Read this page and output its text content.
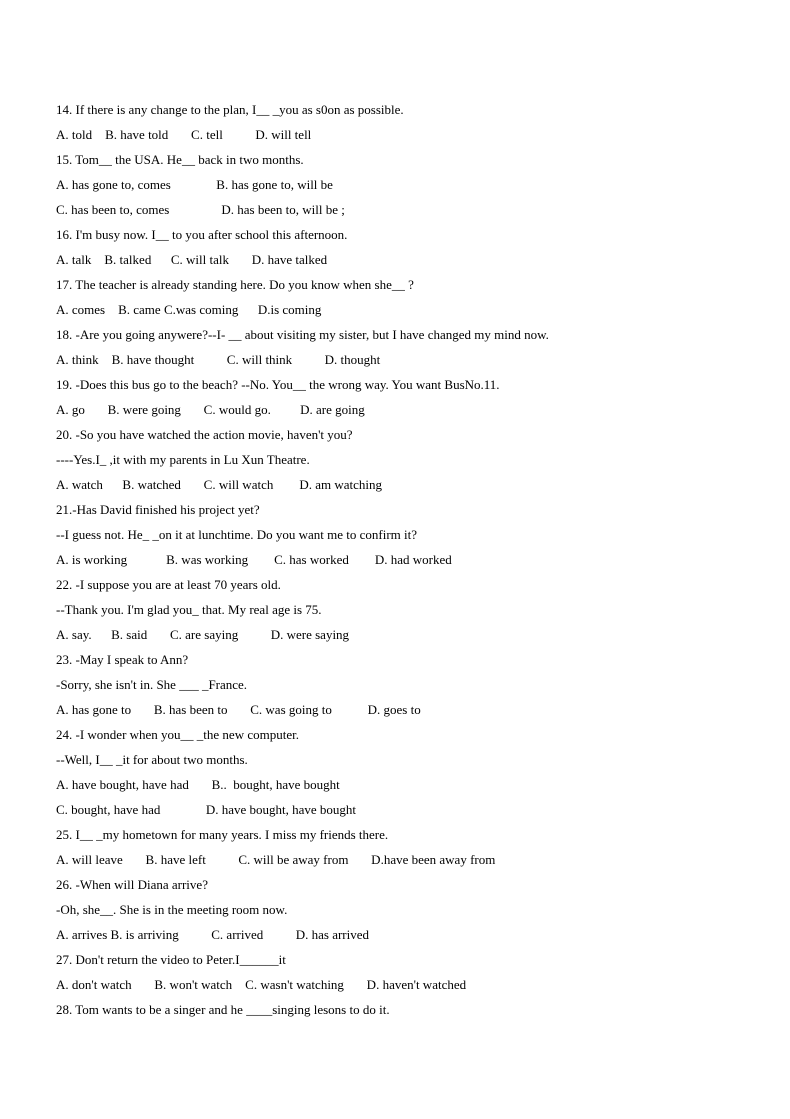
14. If there is any change to the plan, I__ _you as s0on as possible.
A. told    B. have told       C. tell          D. will tell
15. Tom__ the USA. He__ back in two months.
A. has gone to, comes              B. has gone to, will be
C. has been to, comes                D. has been to, will be ;
16. I'm busy now. I__ to you after school this afternoon.
A. talk    B. talked      C. will talk       D. have talked
17. The teacher is already standing here. Do you know when she__ ?
A. comes    B. came C.was coming      D.is coming
18. -Are you going anywere?--I- __ about visiting my sister, but I have changed my mind now.
A. think    B. have thought          C. will think          D. thought
19. -Does this bus go to the beach? --No. You__ the wrong way. You want BusNo.11.
A. go       B. were going       C. would go.         D. are going
20. -So you have watched the action movie, haven't you?
----Yes.I_ ,it with my parents in Lu Xun Theatre.
A. watch      B. watched       C. will watch        D. am watching
21.-Has David finished his project yet?
--I guess not. He_ _on it at lunchtime. Do you want me to confirm it?
A. is working            B. was working        C. has worked        D. had worked
22. -I suppose you are at least 70 years old.
--Thank you. I'm glad you_ that. My real age is 75.
A. say.      B. said       C. are saying          D. were saying
23. -May I speak to Ann?
-Sorry, she isn't in. She ___ _France.
A. has gone to       B. has been to       C. was going to           D. goes to
24. -I wonder when you__ _the new computer.
--Well, I__ _it for about two months.
A. have bought, have had       B..  bought, have bought
C. bought, have had              D. have bought, have bought
25. I__ _my hometown for many years. I miss my friends there.
A. will leave       B. have left          C. will be away from       D.have been away from
26. -When will Diana arrive?
-Oh, she__. She is in the meeting room now.
A. arrives B. is arriving          C. arrived          D. has arrived
27. Don't return the video to Peter.I______it
A. don't watch       B. won't watch    C. wasn't watching       D. haven't watched
28. Tom wants to be a singer and he ____singing lesons to do it.
